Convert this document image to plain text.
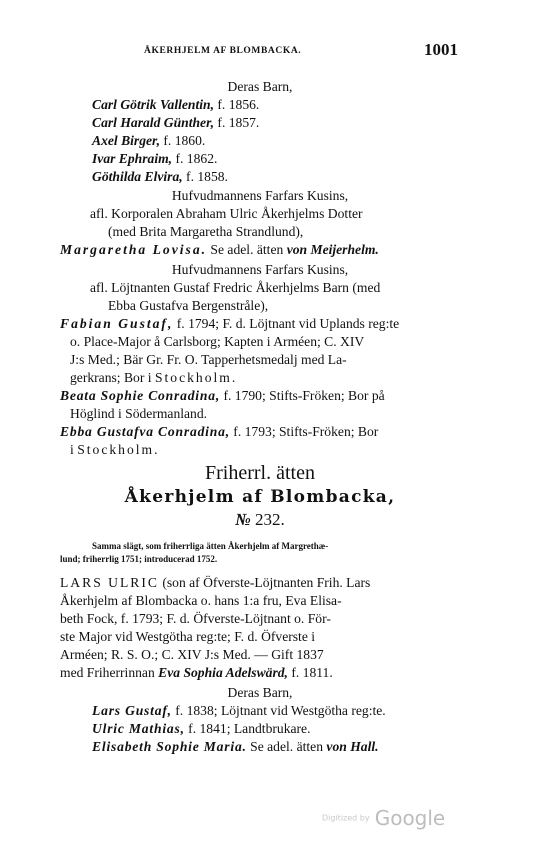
ÅKERHJELM AF BLOMBACKA.	1001
Deras Barn,
Carl Götrik Vallentin, f. 1856.
Carl Harald Günther, f. 1857.
Axel Birger, f. 1860.
Ivar Ephraim, f. 1862.
Göthilda Elvira, f. 1858.
Hufvudmannens Farfars Kusins,
afl. Korporalen Abraham Ulric Åkerhjelms Dotter
(med Brita Margaretha Strandlund),
Margaretha Lovisa. Se adel. ätten von Meijerhelm.
Hufvudmannens Farfars Kusins,
afl. Löjtnanten Gustaf Fredric Åkerhjelms Barn (med
Ebba Gustafva Bergenstråle),
Fabian Gustaf, f. 1794; F. d. Löjtnant vid Uplands reg:te
o. Place-Major å Carlsborg; Kapten i Arméen; C. XIV
J:s Med.; Bär Gr. Fr. O. Tapperhetsmedalj med La-
gerkrans; Bor i Stockholm.
Beata Sophie Conradina, f. 1790; Stifts-Fröken; Bor på
Höglind i Södermanland.
Ebba Gustafva Conradina, f. 1793; Stifts-Fröken; Bor
i Stockholm.
Friherrl. ätten
Åkerhjelm af Blombacka,
№ 232.
Samma slägt, som friherrliga ätten Åkerhjelm af Margrethæ-
lund; friherrlig 1751; introducerad 1752.
LARS ULRIC (son af Öfverste-Löjtnanten Frih. Lars
Åkerhjelm af Blombacka o. hans 1:a fru, Eva Elisa-
beth Fock, f. 1793; F. d. Öfverste-Löjtnant o. För-
ste Major vid Westgötha reg:te; F. d. Öfverste i
Arméen; R. S. O.; C. XIV J:s Med. — Gift 1837
med Friherrinnan Eva Sophia Adelswärd, f. 1811.
Deras Barn,
Lars Gustaf, f. 1838; Löjtnant vid Westgötha reg:te.
Ulric Mathias, f. 1841; Landtbrukare.
Elisabeth Sophie Maria. Se adel. ätten von Hall.
Digitized by Google
